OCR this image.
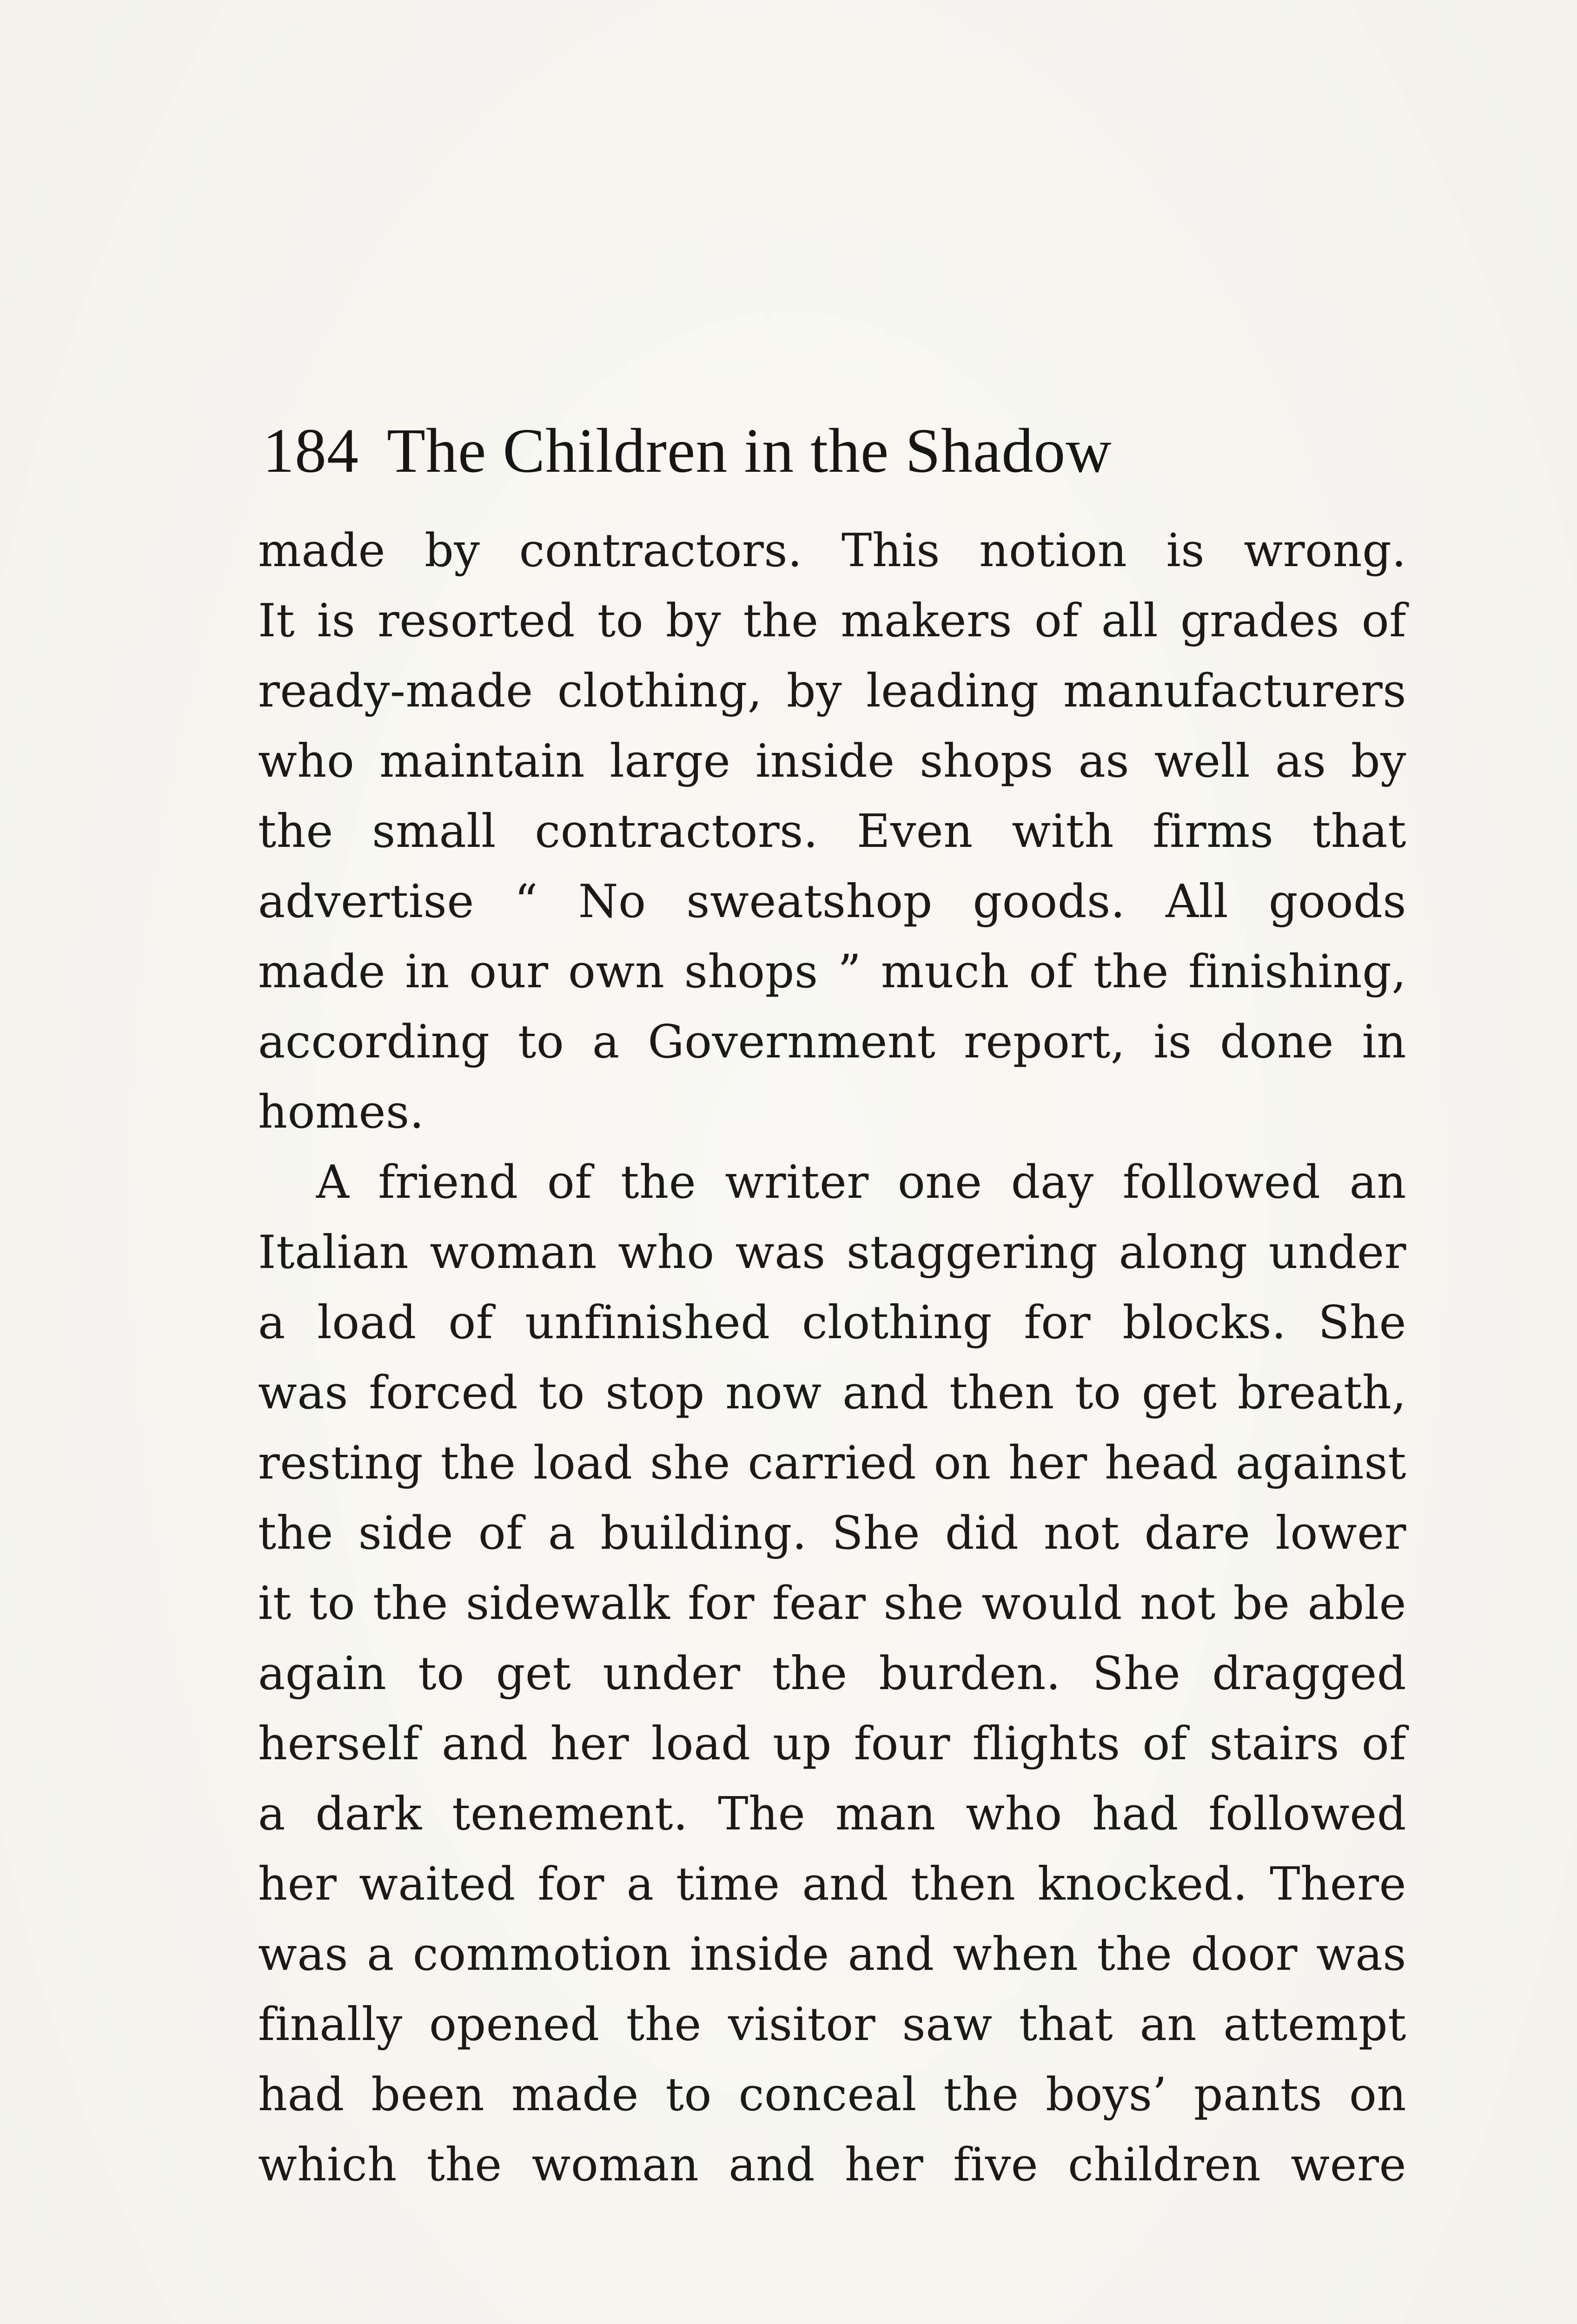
184 The Children in the Shadow
made by contractors. This notion is wrong.
It is resorted to by the makers of all grades of
ready-made clothing, by leading manufacturers
who maintain large inside shops as well as by
the small contractors. Even with firms that
advertise “ No sweatshop goods. All goods
made in our own shops ” much of the finishing,
according to a Government report, is done in
homes.
A friend of the writer one day followed an
Italian woman who was staggering along under
a load of unfinished clothing for blocks. She
was forced to stop now and then to get breath,
resting the load she carried on her head against
the side of a building. She did not dare lower
it to the sidewalk for fear she would not be able
again to get under the burden. She dragged
herself and her load up four flights of stairs of
a dark tenement. The man who had followed
her waited for a time and then knocked. There
was a commotion inside and when the door was
finally opened the visitor saw that an attempt
had been made to conceal the boys’ pants on
which the woman and her five children were
